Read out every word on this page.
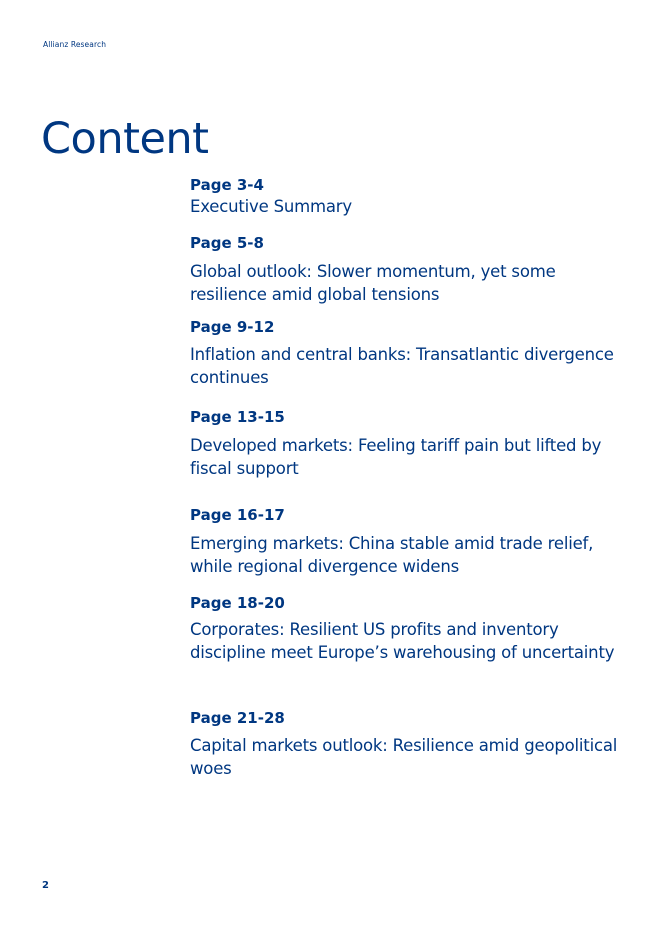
Allianz Research
Content
Page 3-4
Executive Summary
Page 5-8
Global outlook: Slower momentum, yet some resilience amid global tensions
Page 9-12
Inflation and central banks: Transatlantic divergence continues
Page 13-15
Developed markets: Feeling tariff pain but lifted by fiscal support
Page 16-17
Emerging markets: China stable amid trade relief, while regional divergence widens
Page 18-20
Corporates: Resilient US profits and inventory discipline meet Europe’s warehousing of uncertainty
Page 21-28
Capital markets outlook: Resilience amid geopolitical woes
2
